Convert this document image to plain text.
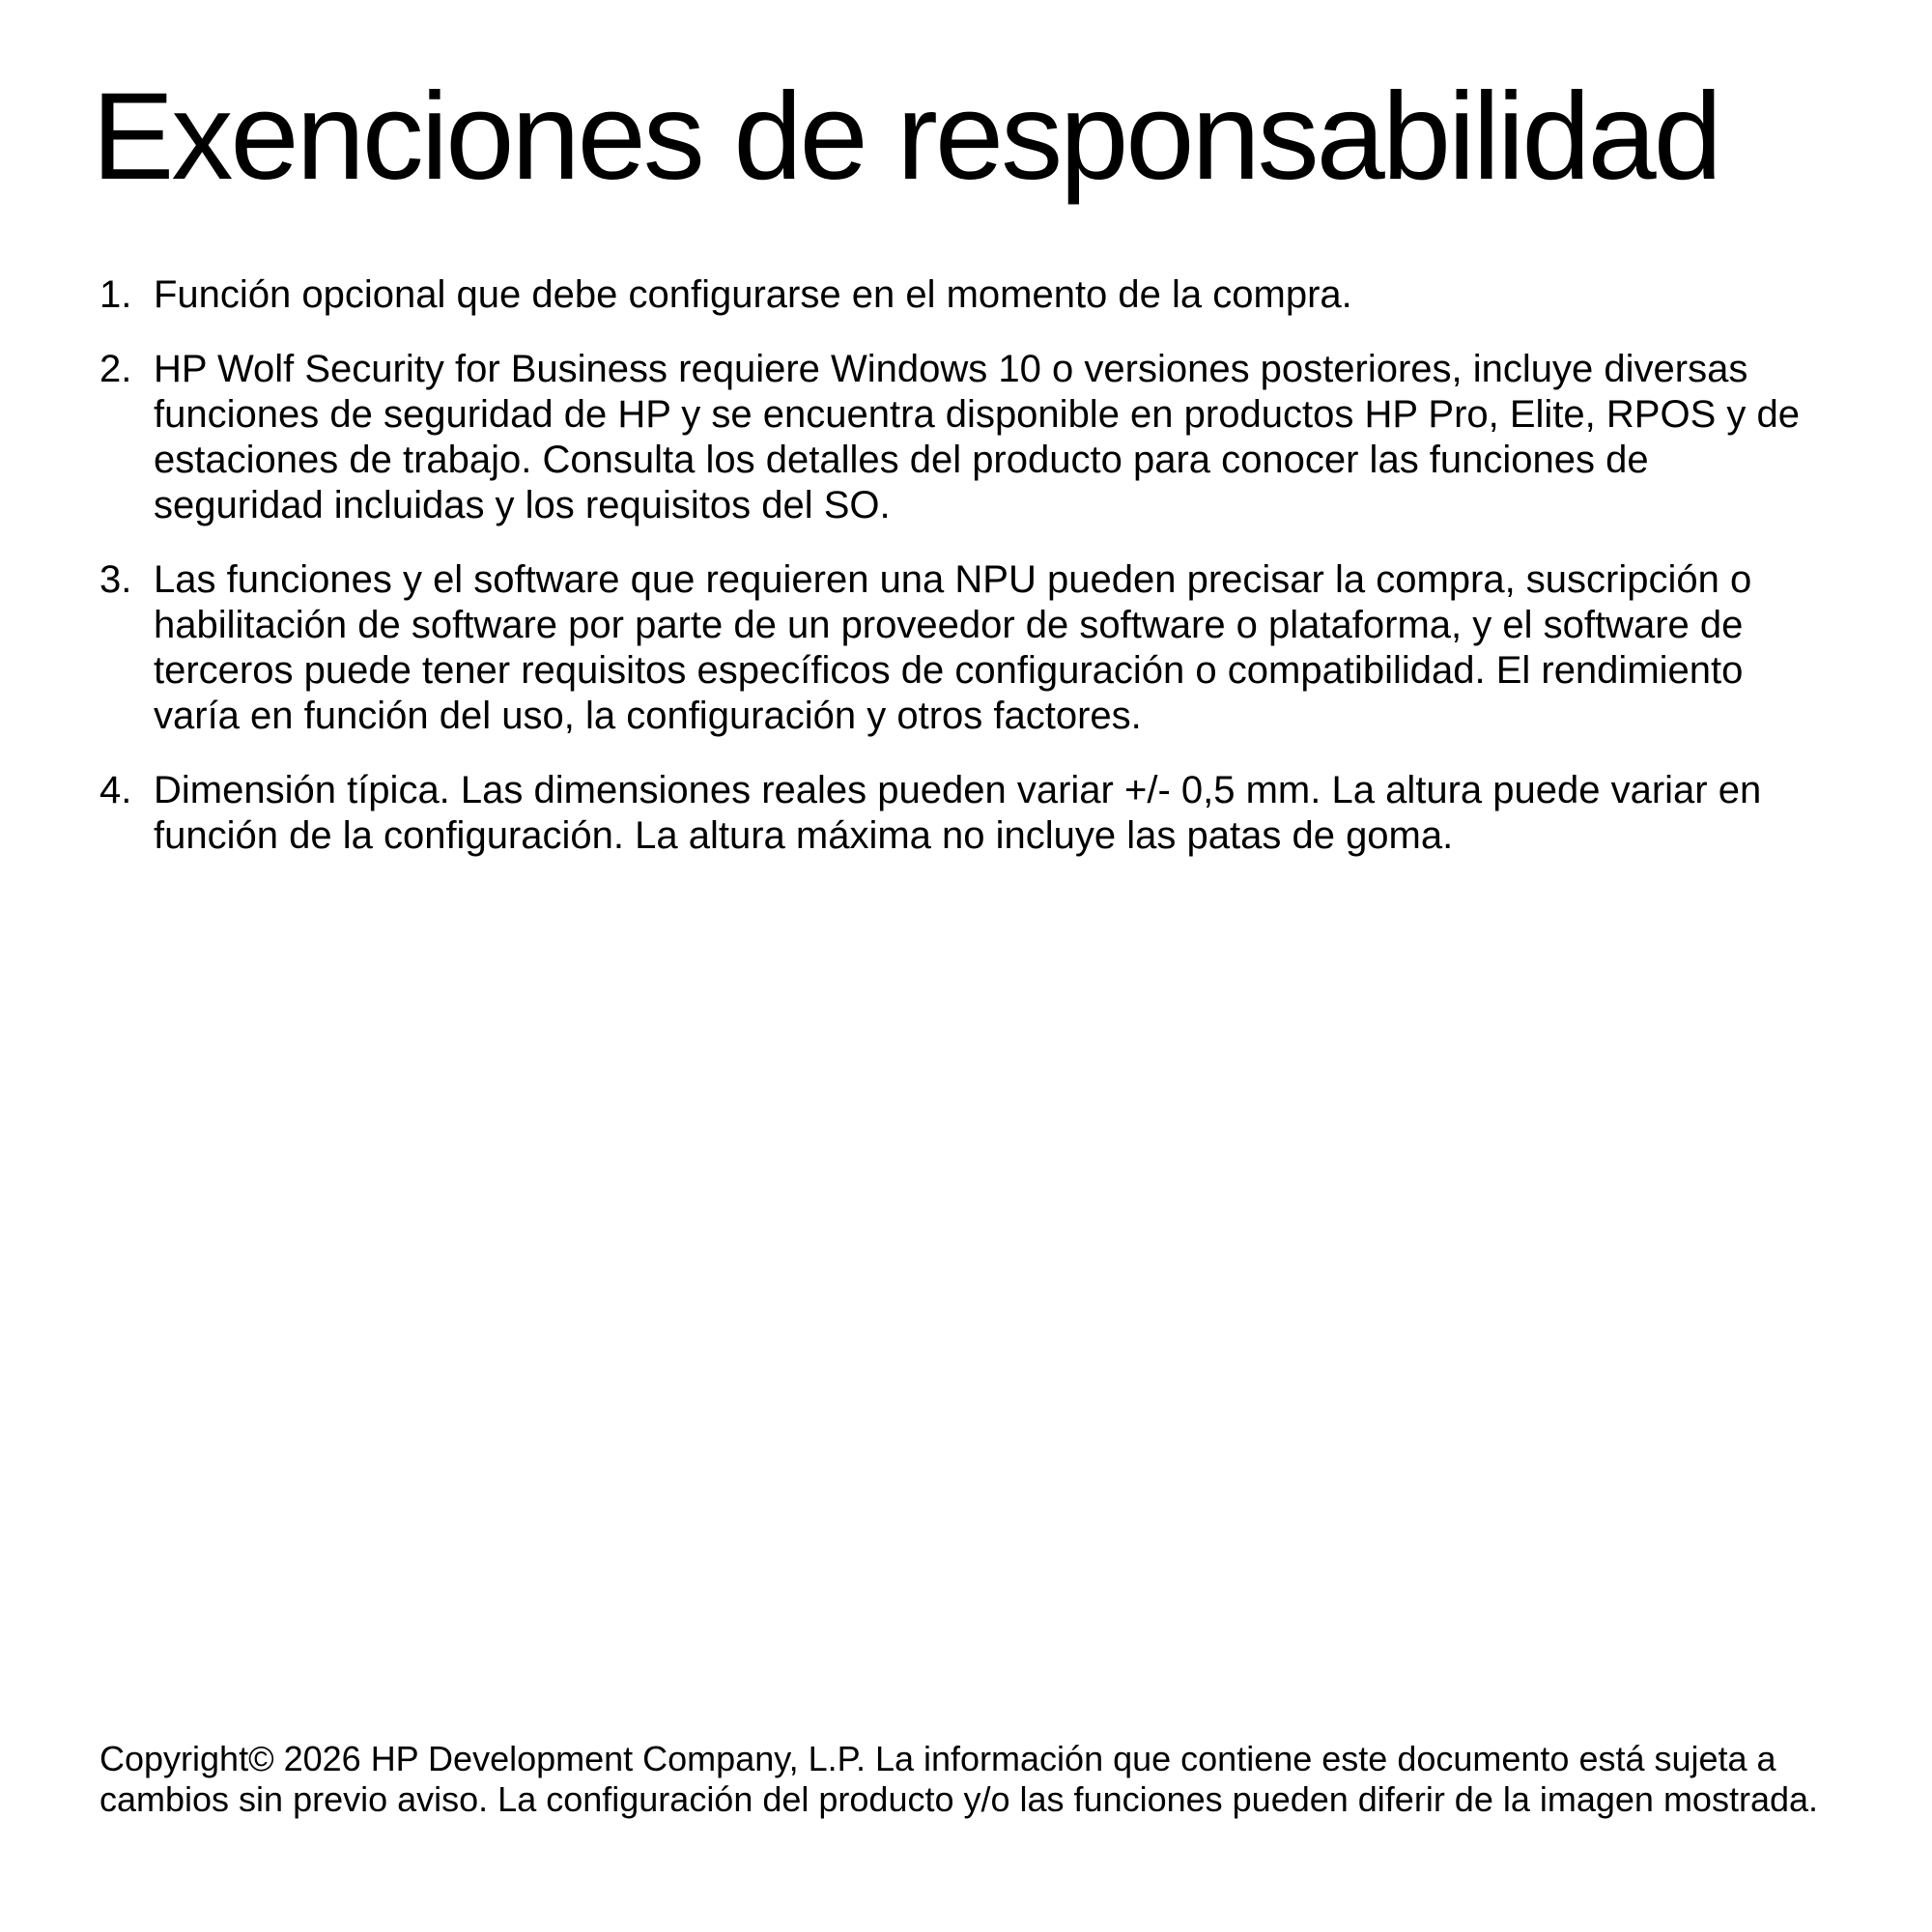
Exenciones de responsabilidad
1. Función opcional que debe configurarse en el momento de la compra.
2. HP Wolf Security for Business requiere Windows 10 o versiones posteriores, incluye diversas funciones de seguridad de HP y se encuentra disponible en productos HP Pro, Elite, RPOS y de estaciones de trabajo. Consulta los detalles del producto para conocer las funciones de seguridad incluidas y los requisitos del SO.
3. Las funciones y el software que requieren una NPU pueden precisar la compra, suscripción o habilitación de software por parte de un proveedor de software o plataforma, y el software de terceros puede tener requisitos específicos de configuración o compatibilidad. El rendimiento varía en función del uso, la configuración y otros factores.
4. Dimensión típica. Las dimensiones reales pueden variar +/- 0,5 mm. La altura puede variar en función de la configuración. La altura máxima no incluye las patas de goma.

Copyright© 2026 HP Development Company, L.P. La información que contiene este documento está sujeta a cambios sin previo aviso. La configuración del producto y/o las funciones pueden diferir de la imagen mostrada.
